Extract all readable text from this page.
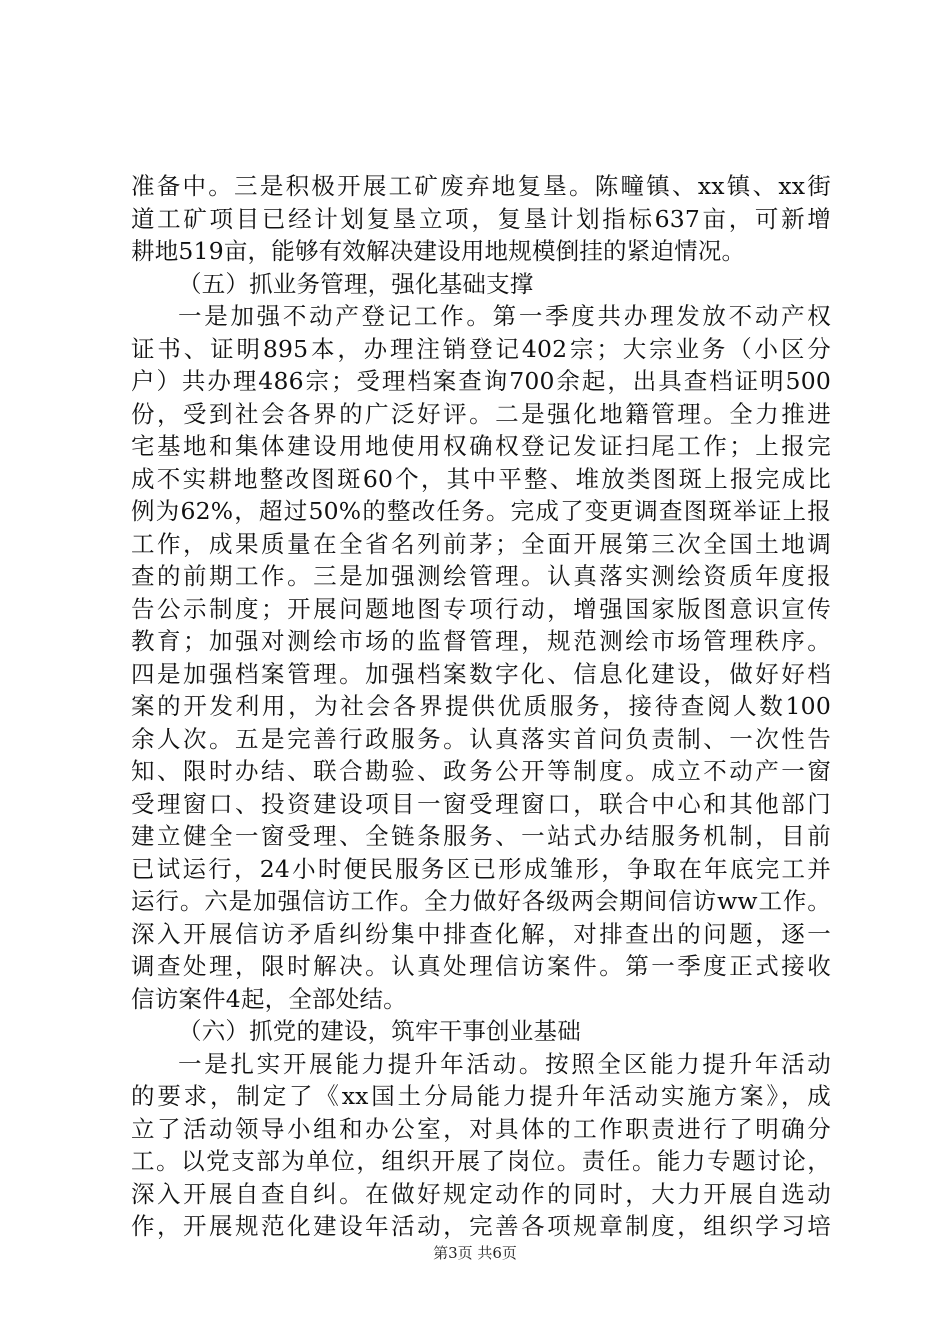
准备中。三是积极开展工矿废弃地复垦。陈疃镇、xx镇、xx街
道工矿项目已经计划复垦立项，复垦计划指标637亩，可新增
耕地519亩，能够有效解决建设用地规模倒挂的紧迫情况。
（五）抓业务管理，强化基础支撑
一是加强不动产登记工作。第一季度共办理发放不动产权
证书、证明895本，办理注销登记402宗；大宗业务（小区分
户）共办理486宗；受理档案查询700余起，出具查档证明500
份，受到社会各界的广泛好评。二是强化地籍管理。全力推进
宅基地和集体建设用地使用权确权登记发证扫尾工作；上报完
成不实耕地整改图斑60个，其中平整、堆放类图斑上报完成比
例为62%，超过50%的整改任务。完成了变更调查图斑举证上报
工作，成果质量在全省名列前茅；全面开展第三次全国土地调
查的前期工作。三是加强测绘管理。认真落实测绘资质年度报
告公示制度；开展问题地图专项行动，增强国家版图意识宣传
教育；加强对测绘市场的监督管理，规范测绘市场管理秩序。
四是加强档案管理。加强档案数字化、信息化建设，做好好档
案的开发利用，为社会各界提供优质服务，接待查阅人数100
余人次。五是完善行政服务。认真落实首问负责制、一次性告
知、限时办结、联合勘验、政务公开等制度。成立不动产一窗
受理窗口、投资建设项目一窗受理窗口，联合中心和其他部门
建立健全一窗受理、全链条服务、一站式办结服务机制，目前
已试运行，24小时便民服务区已形成雏形，争取在年底完工并
运行。六是加强信访工作。全力做好各级两会期间信访ww工作。
深入开展信访矛盾纠纷集中排查化解，对排查出的问题，逐一
调查处理，限时解决。认真处理信访案件。第一季度正式接收
信访案件4起，全部处结。
（六）抓党的建设，筑牢干事创业基础
一是扎实开展能力提升年活动。按照全区能力提升年活动
的要求，制定了《xx国土分局能力提升年活动实施方案》，成
立了活动领导小组和办公室，对具体的工作职责进行了明确分
工。以党支部为单位，组织开展了岗位。责任。能力专题讨论，
深入开展自查自纠。在做好规定动作的同时，大力开展自选动
作，开展规范化建设年活动，完善各项规章制度，组织学习培
第3页 共6页
